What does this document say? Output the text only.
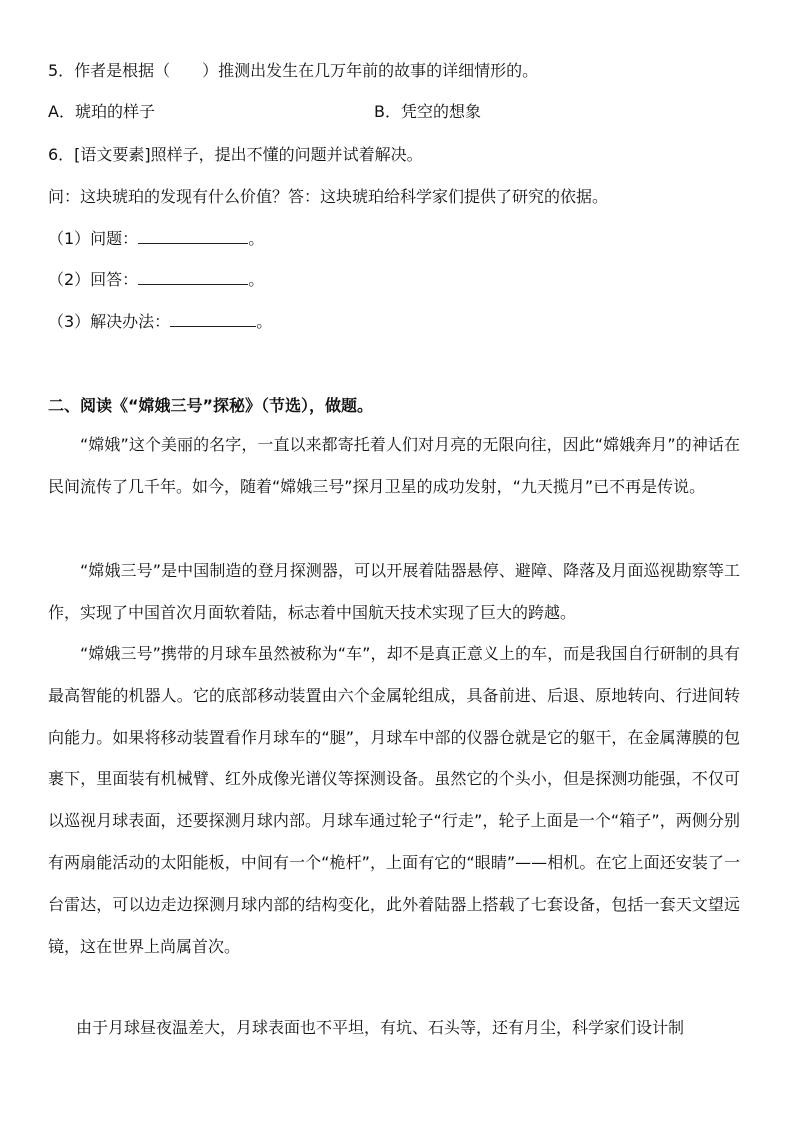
5．作者是根据（　　）推测出发生在几万年前的故事的详细情形的。
A．琥珀的样子	B．凭空的想象
6．[语文要素]照样子，提出不懂的问题并试着解决。
问：这块琥珀的发现有什么价值？答：这块琥珀给科学家们提供了研究的依据。
（1）问题：	。
（2）回答：	。
（3）解决办法：	。
二、阅读《“嫦娥三号”探秘》（节选），做题。

“嫦娥”这个美丽的名字，一直以来都寄托着人们对月亮的无限向往，因此“嫦娥奔月”的神话在民间流传了几千年。如今，随着“嫦娥三号”探月卫星的成功发射，“九天揽月”已不再是传说。

“嫦娥三号”是中国制造的登月探测器，可以开展着陆器悬停、避障、降落及月面巡视勘察等工作，实现了中国首次月面软着陆，标志着中国航天技术实现了巨大的跨越。

“嫦娥三号”携带的月球车虽然被称为“车”，却不是真正意义上的车，而是我国自行研制的具有最高智能的机器人。它的底部移动装置由六个金属轮组成，具备前进、后退、原地转向、行进间转向能力。如果将移动装置看作月球车的“腿”，月球车中部的仪器仓就是它的躯干，在金属薄膜的包裹下，里面装有机械臂、红外成像光谱仪等探测设备。虽然它的个头小，但是探测功能强，不仅可以巡视月球表面，还要探测月球内部。月球车通过轮子“行走”，轮子上面是一个“箱子”，两侧分别有两扇能活动的太阳能板，中间有一个“桅杆”，上面有它的“眼睛”——相机。在它上面还安装了一台雷达，可以边走边探测月球内部的结构变化，此外着陆器上搭载了七套设备，包括一套天文望远镜，这在世界上尚属首次。

由于月球昼夜温差大，月球表面也不平坦，有坑、石头等，还有月尘，科学家们设计制
